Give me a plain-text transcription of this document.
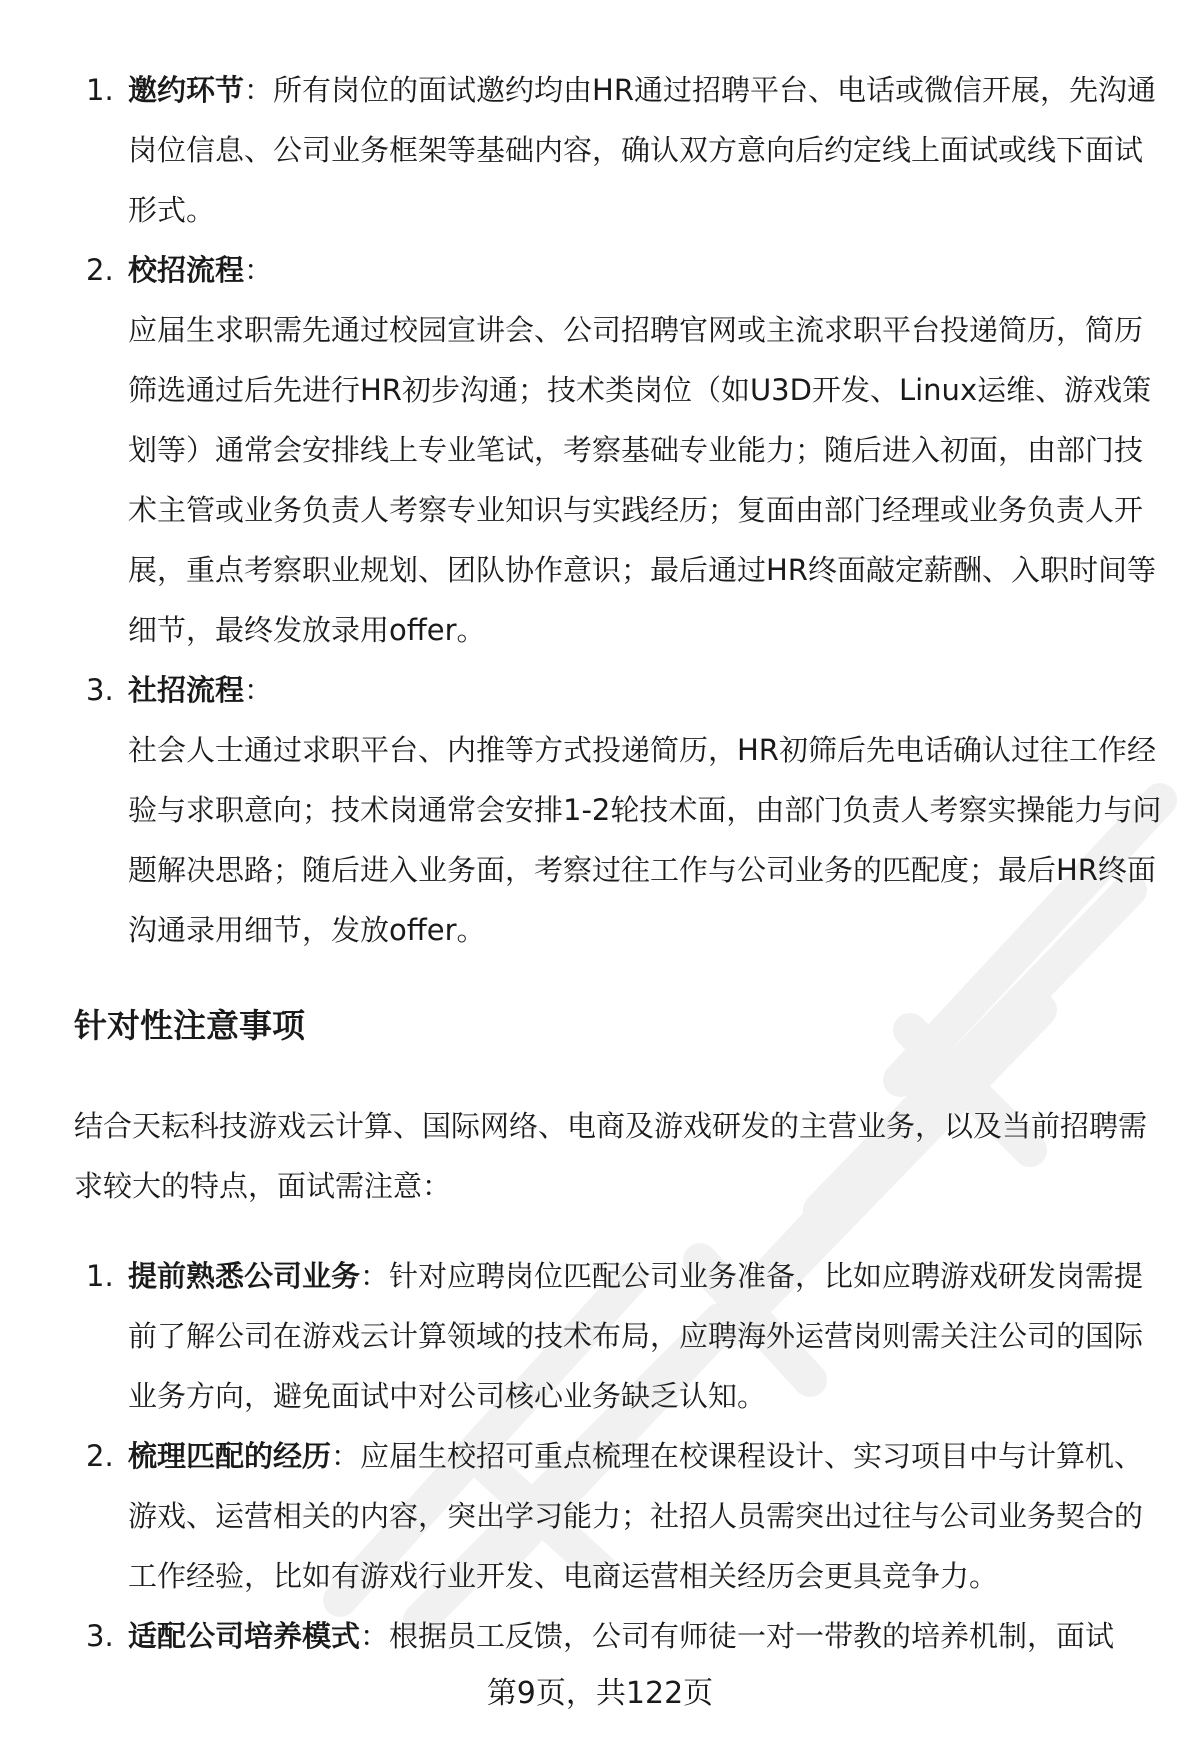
1. 邀约环节：所有岗位的面试邀约均由HR通过招聘平台、电话或微信开展，先沟通岗位信息、公司业务框架等基础内容，确认双方意向后约定线上面试或线下面试形式。
2. 校招流程：
应届生求职需先通过校园宣讲会、公司招聘官网或主流求职平台投递简历，简历筛选通过后先进行HR初步沟通；技术类岗位（如U3D开发、Linux运维、游戏策划等）通常会安排线上专业笔试，考察基础专业能力；随后进入初面，由部门技术主管或业务负责人考察专业知识与实践经历；复面由部门经理或业务负责人开展，重点考察职业规划、团队协作意识；最后通过HR终面敲定薪酬、入职时间等细节，最终发放录用offer。
3. 社招流程：
社会人士通过求职平台、内推等方式投递简历，HR初筛后先电话确认过往工作经验与求职意向；技术岗通常会安排1-2轮技术面，由部门负责人考察实操能力与问题解决思路；随后进入业务面，考察过往工作与公司业务的匹配度；最后HR终面沟通录用细节，发放offer。
针对性注意事项
结合天耘科技游戏云计算、国际网络、电商及游戏研发的主营业务，以及当前招聘需求较大的特点，面试需注意：
1. 提前熟悉公司业务：针对应聘岗位匹配公司业务准备，比如应聘游戏研发岗需提前了解公司在游戏云计算领域的技术布局，应聘海外运营岗则需关注公司的国际业务方向，避免面试中对公司核心业务缺乏认知。
2. 梳理匹配的经历：应届生校招可重点梳理在校课程设计、实习项目中与计算机、游戏、运营相关的内容，突出学习能力；社招人员需突出过往与公司业务契合的工作经验，比如有游戏行业开发、电商运营相关经历会更具竞争力。
3. 适配公司培养模式：根据员工反馈，公司有师徒一对一带教的培养机制，面试
第9页，共122页
